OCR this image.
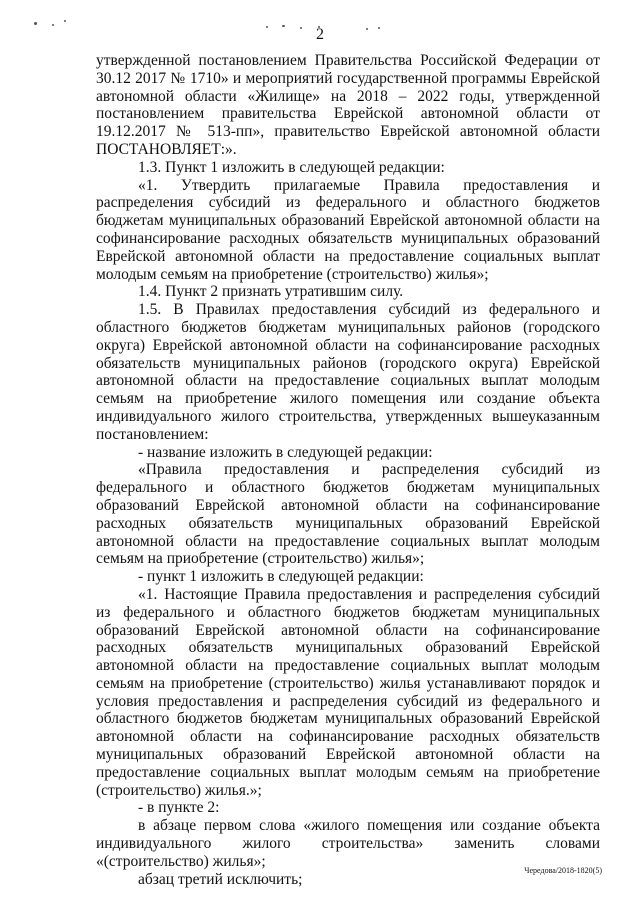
2

утвержденной постановлением Правительства Российской Федерации от 30.12 2017 № 1710» и мероприятий государственной программы Еврейской автономной области «Жилище» на 2018 – 2022 годы, утвержденной постановлением правительства Еврейской автономной области от 19.12.2017 № 513-пп», правительство Еврейской автономной области ПОСТАНОВЛЯЕТ:».

1.3. Пункт 1 изложить в следующей редакции:

«1. Утвердить прилагаемые Правила предоставления и распределения субсидий из федерального и областного бюджетов бюджетам муниципальных образований Еврейской автономной области на софинансирование расходных обязательств муниципальных образований Еврейской автономной области на предоставление социальных выплат молодым семьям на приобретение (строительство) жилья»;

1.4. Пункт 2 признать утратившим силу.

1.5. В Правилах предоставления субсидий из федерального и областного бюджетов бюджетам муниципальных районов (городского округа) Еврейской автономной области на софинансирование расходных обязательств муниципальных районов (городского округа) Еврейской автономной области на предоставление социальных выплат молодым семьям на приобретение жилого помещения или создание объекта индивидуального жилого строительства, утвержденных вышеуказанным постановлением:

- название изложить в следующей редакции:

«Правила предоставления и распределения субсидий из федерального и областного бюджетов бюджетам муниципальных образований Еврейской автономной области на софинансирование расходных обязательств муниципальных образований Еврейской автономной области на предоставление социальных выплат молодым семьям на приобретение (строительство) жилья»;

- пункт 1 изложить в следующей редакции:

«1. Настоящие Правила предоставления и распределения субсидий из федерального и областного бюджетов бюджетам муниципальных образований Еврейской автономной области на софинансирование расходных обязательств муниципальных образований Еврейской автономной области на предоставление социальных выплат молодым семьям на приобретение (строительство) жилья устанавливают порядок и условия предоставления и распределения субсидий из федерального и областного бюджетов бюджетам муниципальных образований Еврейской автономной области на софинансирование расходных обязательств муниципальных образований Еврейской автономной области на предоставление социальных выплат молодым семьям на приобретение (строительство) жилья.»;

- в пункте 2:

в абзаце первом слова «жилого помещения или создание объекта индивидуального жилого строительства» заменить словами «(строительство) жилья»;

абзац третий исключить;

Чередова/2018-1820(5)
